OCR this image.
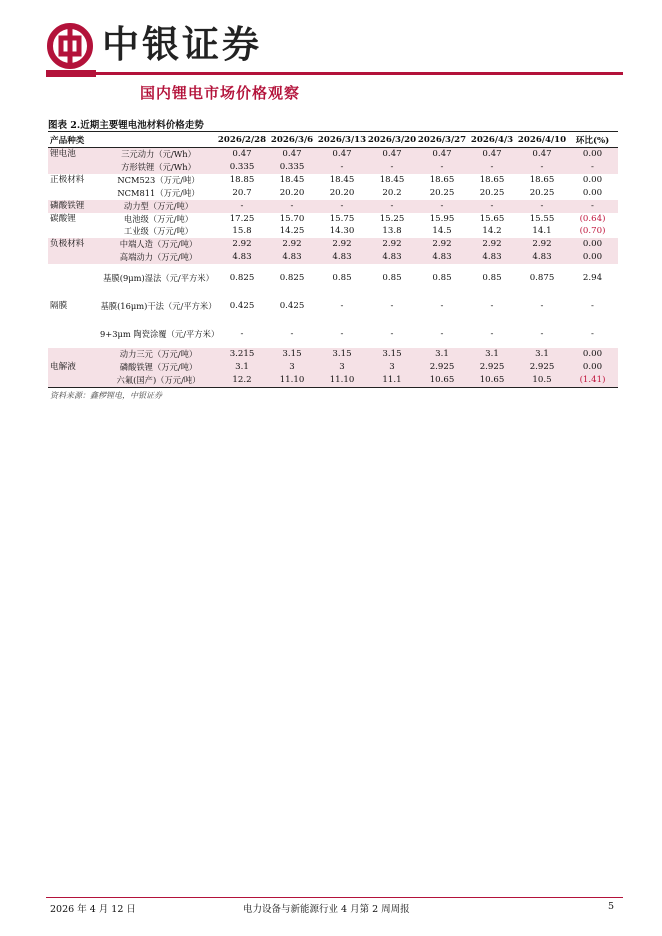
中银证券
国内锂电市场价格观察
图表 2.近期主要锂电池材料价格走势
产品种类		2026/2/28	2026/3/6	2026/3/13	2026/3/20	2026/3/27	2026/4/3	2026/4/10	环比(%)
锂电池	三元动力（元/Wh）	0.47	0.47	0.47	0.47	0.47	0.47	0.47	0.00
	方形铁锂（元/Wh）	0.335	0.335	-	-	-	-	-	-
正极材料	NCM523（万元/吨）	18.85	18.45	18.45	18.45	18.65	18.65	18.65	0.00
	NCM811（万元/吨）	20.7	20.20	20.20	20.2	20.25	20.25	20.25	0.00
磷酸铁锂	动力型（万元/吨）	-	-	-	-	-	-	-	-
碳酸锂	电池级（万元/吨）	17.25	15.70	15.75	15.25	15.95	15.65	15.55	(0.64)
	工业级（万元/吨）	15.8	14.25	14.30	13.8	14.5	14.2	14.1	(0.70)
负极材料	中端人造（万元/吨）	2.92	2.92	2.92	2.92	2.92	2.92	2.92	0.00
	高端动力（万元/吨）	4.83	4.83	4.83	4.83	4.83	4.83	4.83	0.00
	基膜(9μm)湿法（元/平方米）	0.825	0.825	0.85	0.85	0.85	0.85	0.875	2.94
隔膜	基膜(16μm)干法（元/平方米）	0.425	0.425	-	-	-	-	-	-
	9+3μm 陶瓷涂覆（元/平方米）	-	-	-	-	-	-	-	-
	动力三元（万元/吨）	3.215	3.15	3.15	3.15	3.1	3.1	3.1	0.00
电解液	磷酸铁锂（万元/吨）	3.1	3	3	3	2.925	2.925	2.925	0.00
	六氟(国产)（万元/吨）	12.2	11.10	11.10	11.1	10.65	10.65	10.5	(1.41)
资料来源：鑫椤锂电，中银证券
2026 年 4 月 12 日	电力设备与新能源行业 4 月第 2 周周报	5
